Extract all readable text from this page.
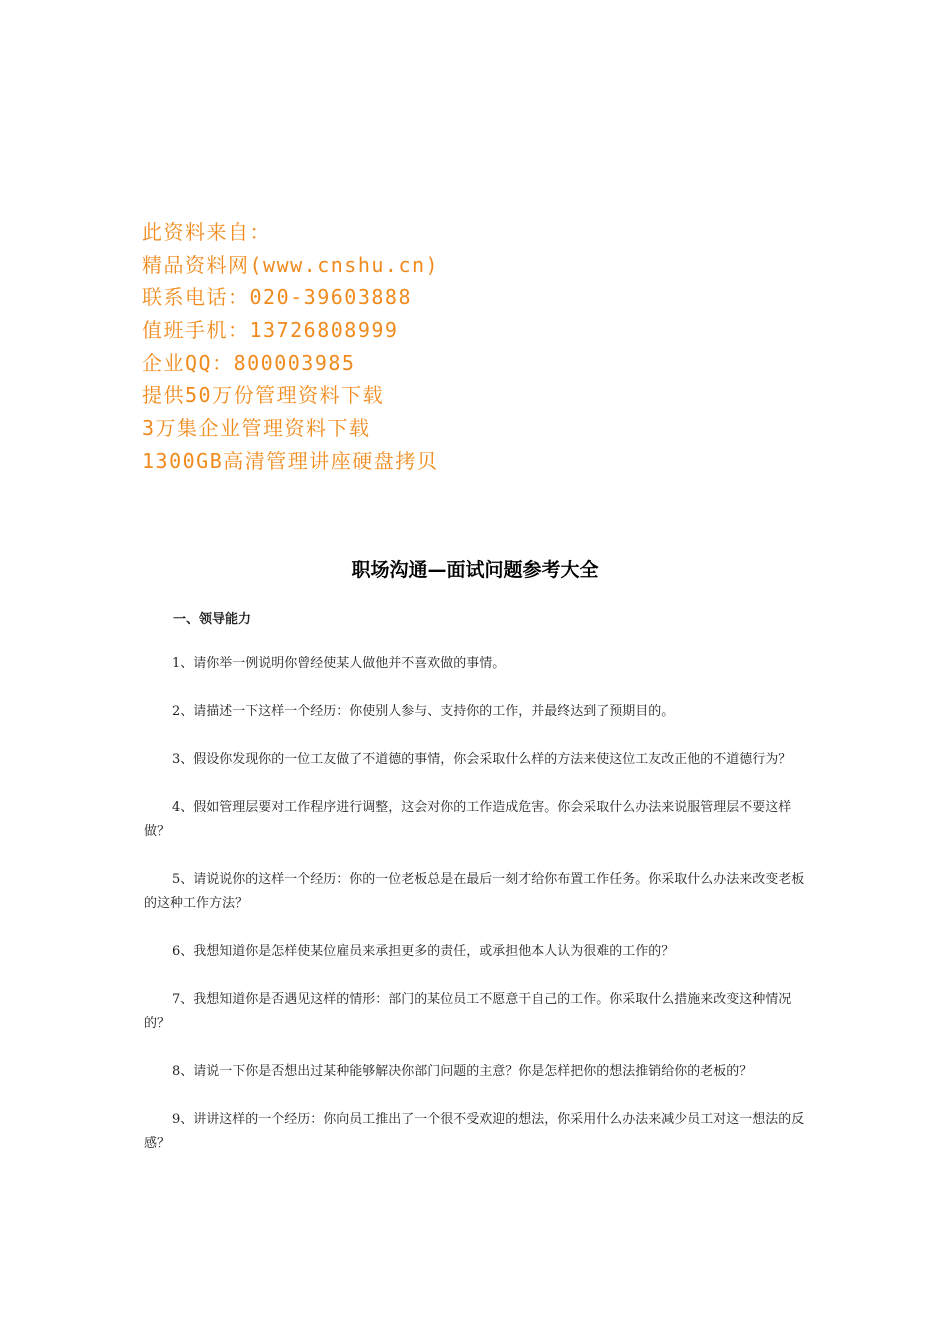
此资料来自：
精品资料网(www.cnshu.cn)
联系电话：020-39603888
值班手机：13726808999
企业QQ：800003985
提供50万份管理资料下载
3万集企业管理资料下载
1300GB高清管理讲座硬盘拷贝
职场沟通—面试问题参考大全
一、领导能力

1、请你举一例说明你曾经使某人做他并不喜欢做的事情。

2、请描述一下这样一个经历：你使别人参与、支持你的工作，并最终达到了预期目的。

3、假设你发现你的一位工友做了不道德的事情，你会采取什么样的方法来使这位工友改正他的不道德行为？

4、假如管理层要对工作程序进行调整，这会对你的工作造成危害。你会采取什么办法来说服管理层不要这样做？

5、请说说你的这样一个经历：你的一位老板总是在最后一刻才给你布置工作任务。你采取什么办法来改变老板的这种工作方法？

6、我想知道你是怎样使某位雇员来承担更多的责任，或承担他本人认为很难的工作的？

7、我想知道你是否遇见这样的情形：部门的某位员工不愿意干自己的工作。你采取什么措施来改变这种情况的？

8、请说一下你是否想出过某种能够解决你部门问题的主意？你是怎样把你的想法推销给你的老板的？

9、讲讲这样的一个经历：你向员工推出了一个很不受欢迎的想法，你采用什么办法来减少员工对这一想法的反感？
